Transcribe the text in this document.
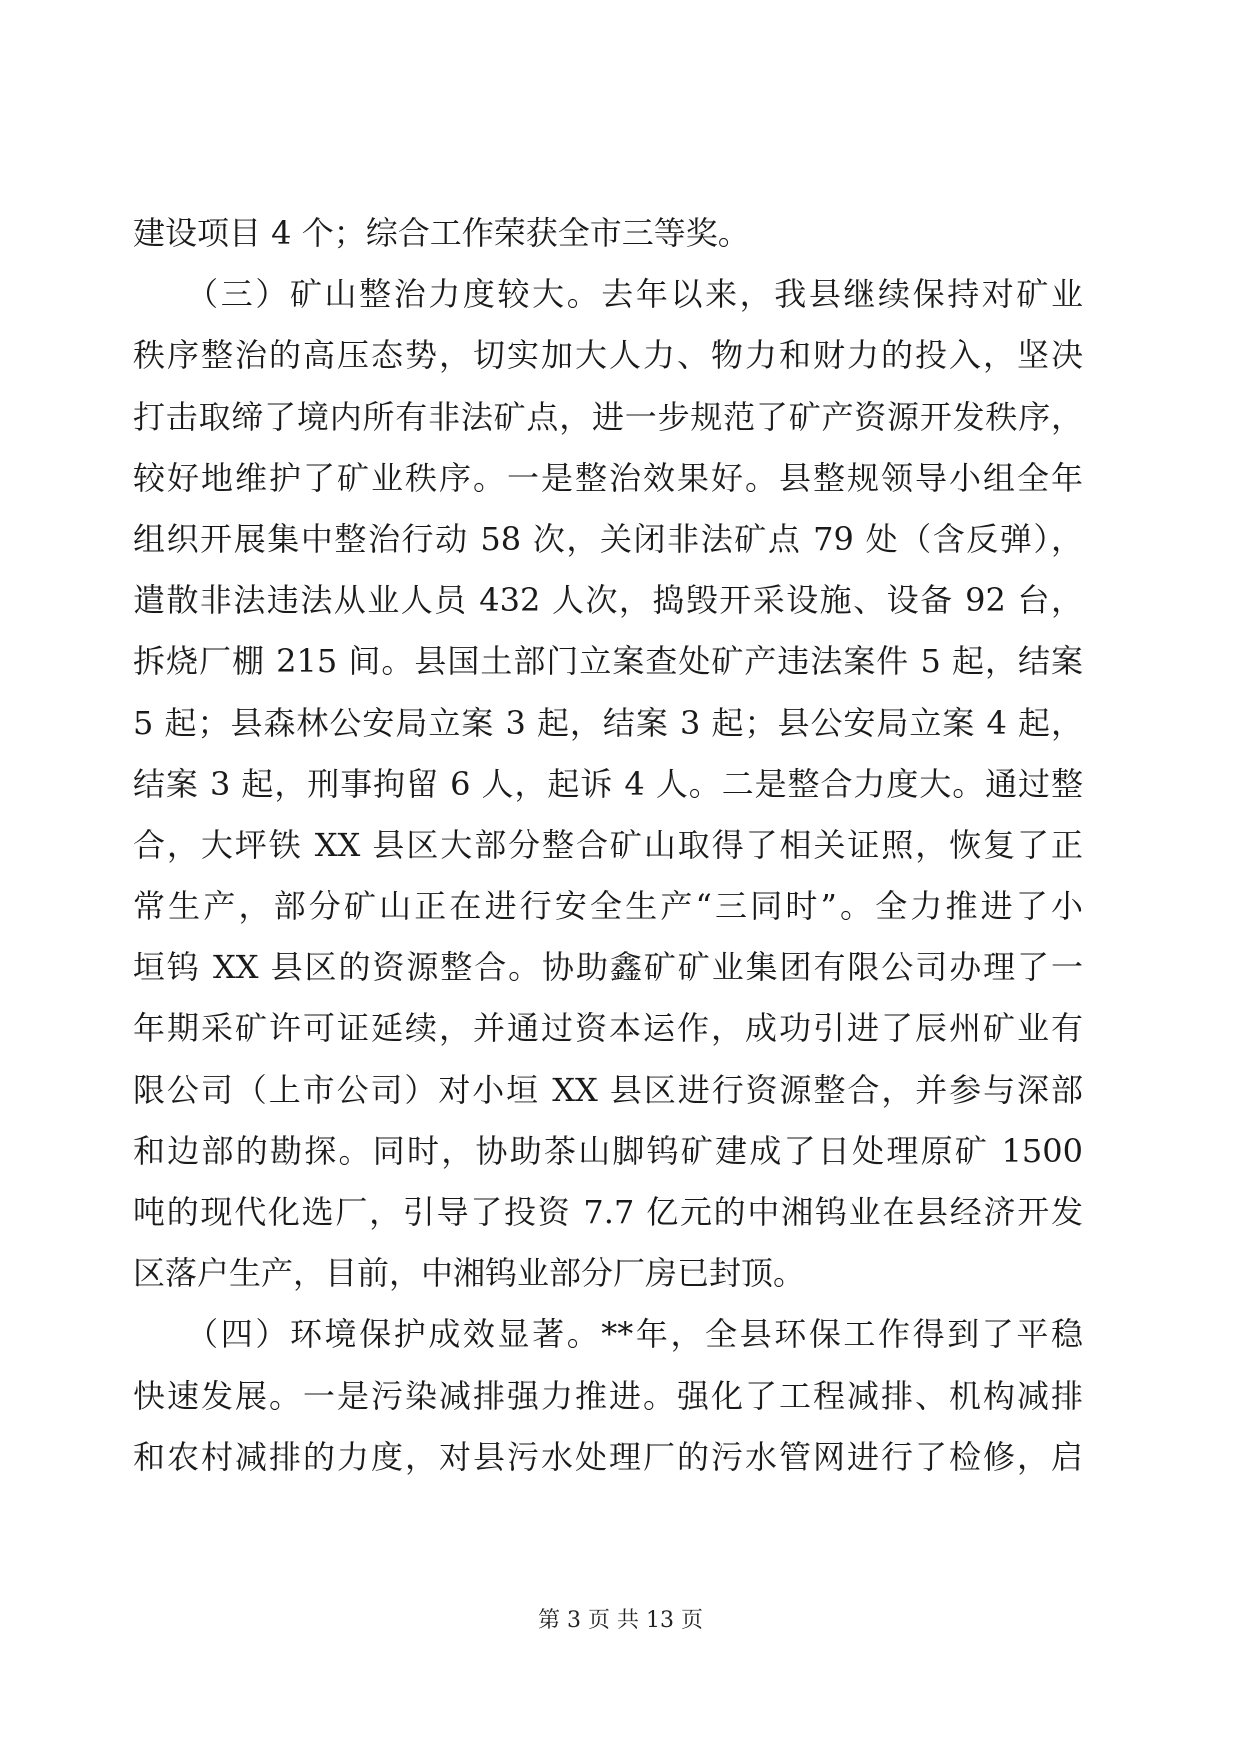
建设项目 4 个；综合工作荣获全市三等奖。
　　（三）矿山整治力度较大。去年以来，我县继续保持对矿业
秩序整治的高压态势，切实加大人力、物力和财力的投入，坚决
打击取缔了境内所有非法矿点，进一步规范了矿产资源开发秩序，
较好地维护了矿业秩序。一是整治效果好。县整规领导小组全年
组织开展集中整治行动 58 次，关闭非法矿点 79 处（含反弹），
遣散非法违法从业人员 432 人次，捣毁开采设施、设备 92 台，
拆烧厂棚 215 间。县国土部门立案查处矿产违法案件 5 起，结案
5 起；县森林公安局立案 3 起，结案 3 起；县公安局立案 4 起，
结案 3 起，刑事拘留 6 人，起诉 4 人。二是整合力度大。通过整
合，大坪铁 XX 县区大部分整合矿山取得了相关证照，恢复了正
常生产，部分矿山正在进行安全生产“三同时”。全力推进了小
垣钨 XX 县区的资源整合。协助鑫矿矿业集团有限公司办理了一
年期采矿许可证延续，并通过资本运作，成功引进了辰州矿业有
限公司（上市公司）对小垣 XX 县区进行资源整合，并参与深部
和边部的勘探。同时，协助茶山脚钨矿建成了日处理原矿 1500
吨的现代化选厂，引导了投资 7.7 亿元的中湘钨业在县经济开发
区落户生产，目前，中湘钨业部分厂房已封顶。
　　（四）环境保护成效显著。**年，全县环保工作得到了平稳
快速发展。一是污染减排强力推进。强化了工程减排、机构减排
和农村减排的力度，对县污水处理厂的污水管网进行了检修，启
第 3 页 共 13 页
